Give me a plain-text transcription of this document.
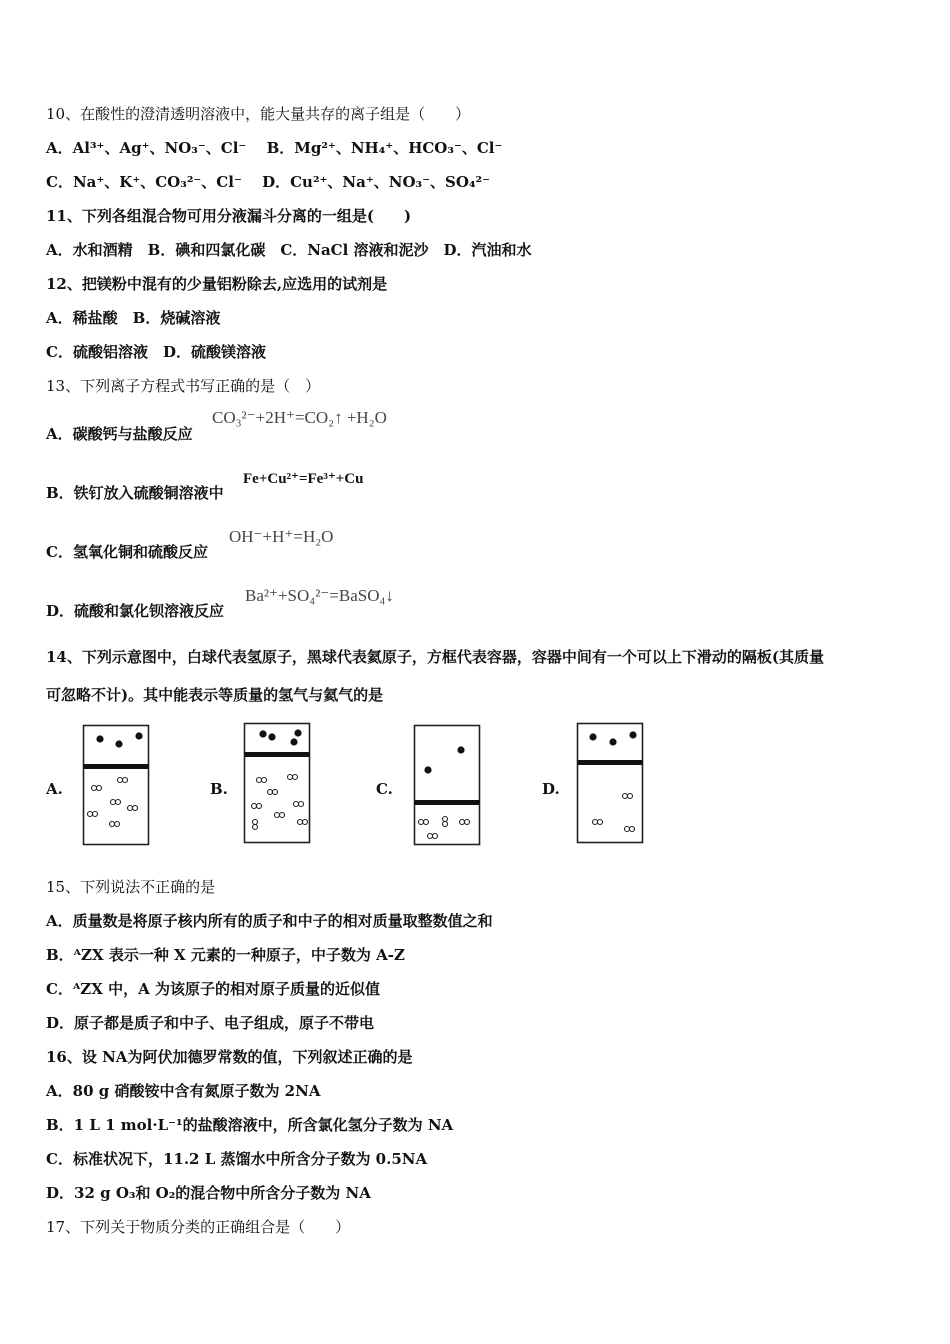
10、在酸性的澄清透明溶液中，能大量共存的离子组是（　　）
A．Al³⁺、Ag⁺、NO₃⁻、Cl⁻　 B．Mg²⁺、NH₄⁺、HCO₃⁻、Cl⁻
C．Na⁺、K⁺、CO₃²⁻、Cl⁻　 D．Cu²⁺、Na⁺、NO₃⁻、SO₄²⁻
11、下列各组混合物可用分液漏斗分离的一组是(　　)
A．水和酒精　B．碘和四氯化碳　C．NaCl 溶液和泥沙　D．汽油和水
12、把镁粉中混有的少量铝粉除去,应选用的试剂是
A．稀盐酸　B．烧碱溶液
C．硫酸铝溶液　D．硫酸镁溶液
13、下列离子方程式书写正确的是（　）
A．碳酸钙与盐酸反应
CO₃²⁻+2H⁺=CO₂↑ +H₂O
B．铁钉放入硫酸铜溶液中
Fe+Cu²⁺=Fe³⁺+Cu
C．氢氧化铜和硫酸反应
OH⁻+H⁺=H₂O
D．硫酸和氯化钡溶液反应
Ba²⁺+SO₄²⁻=BaSO₄↓
14、下列示意图中，白球代表氢原子，黑球代表氦原子，方框代表容器，容器中间有一个可以上下滑动的隔板(其质量
可忽略不计)。其中能表示等质量的氢气与氦气的是
A.	B.	C.	D.
15、下列说法不正确的是
A．质量数是将原子核内所有的质子和中子的相对质量取整数值之和
B．ᴬZX 表示一种 X 元素的一种原子，中子数为 A-Z
C．ᴬZX 中，A 为该原子的相对原子质量的近似值
D．原子都是质子和中子、电子组成，原子不带电
16、设 NA为阿伏加德罗常数的值，下列叙述正确的是
A．80 g 硝酸铵中含有氮原子数为 2NA
B．1 L 1 mol·L⁻¹的盐酸溶液中，所含氯化氢分子数为 NA
C．标准状况下，11.2 L 蒸馏水中所含分子数为 0.5NA
D．32 g O₃和 O₂的混合物中所含分子数为 NA
17、下列关于物质分类的正确组合是（　　）
